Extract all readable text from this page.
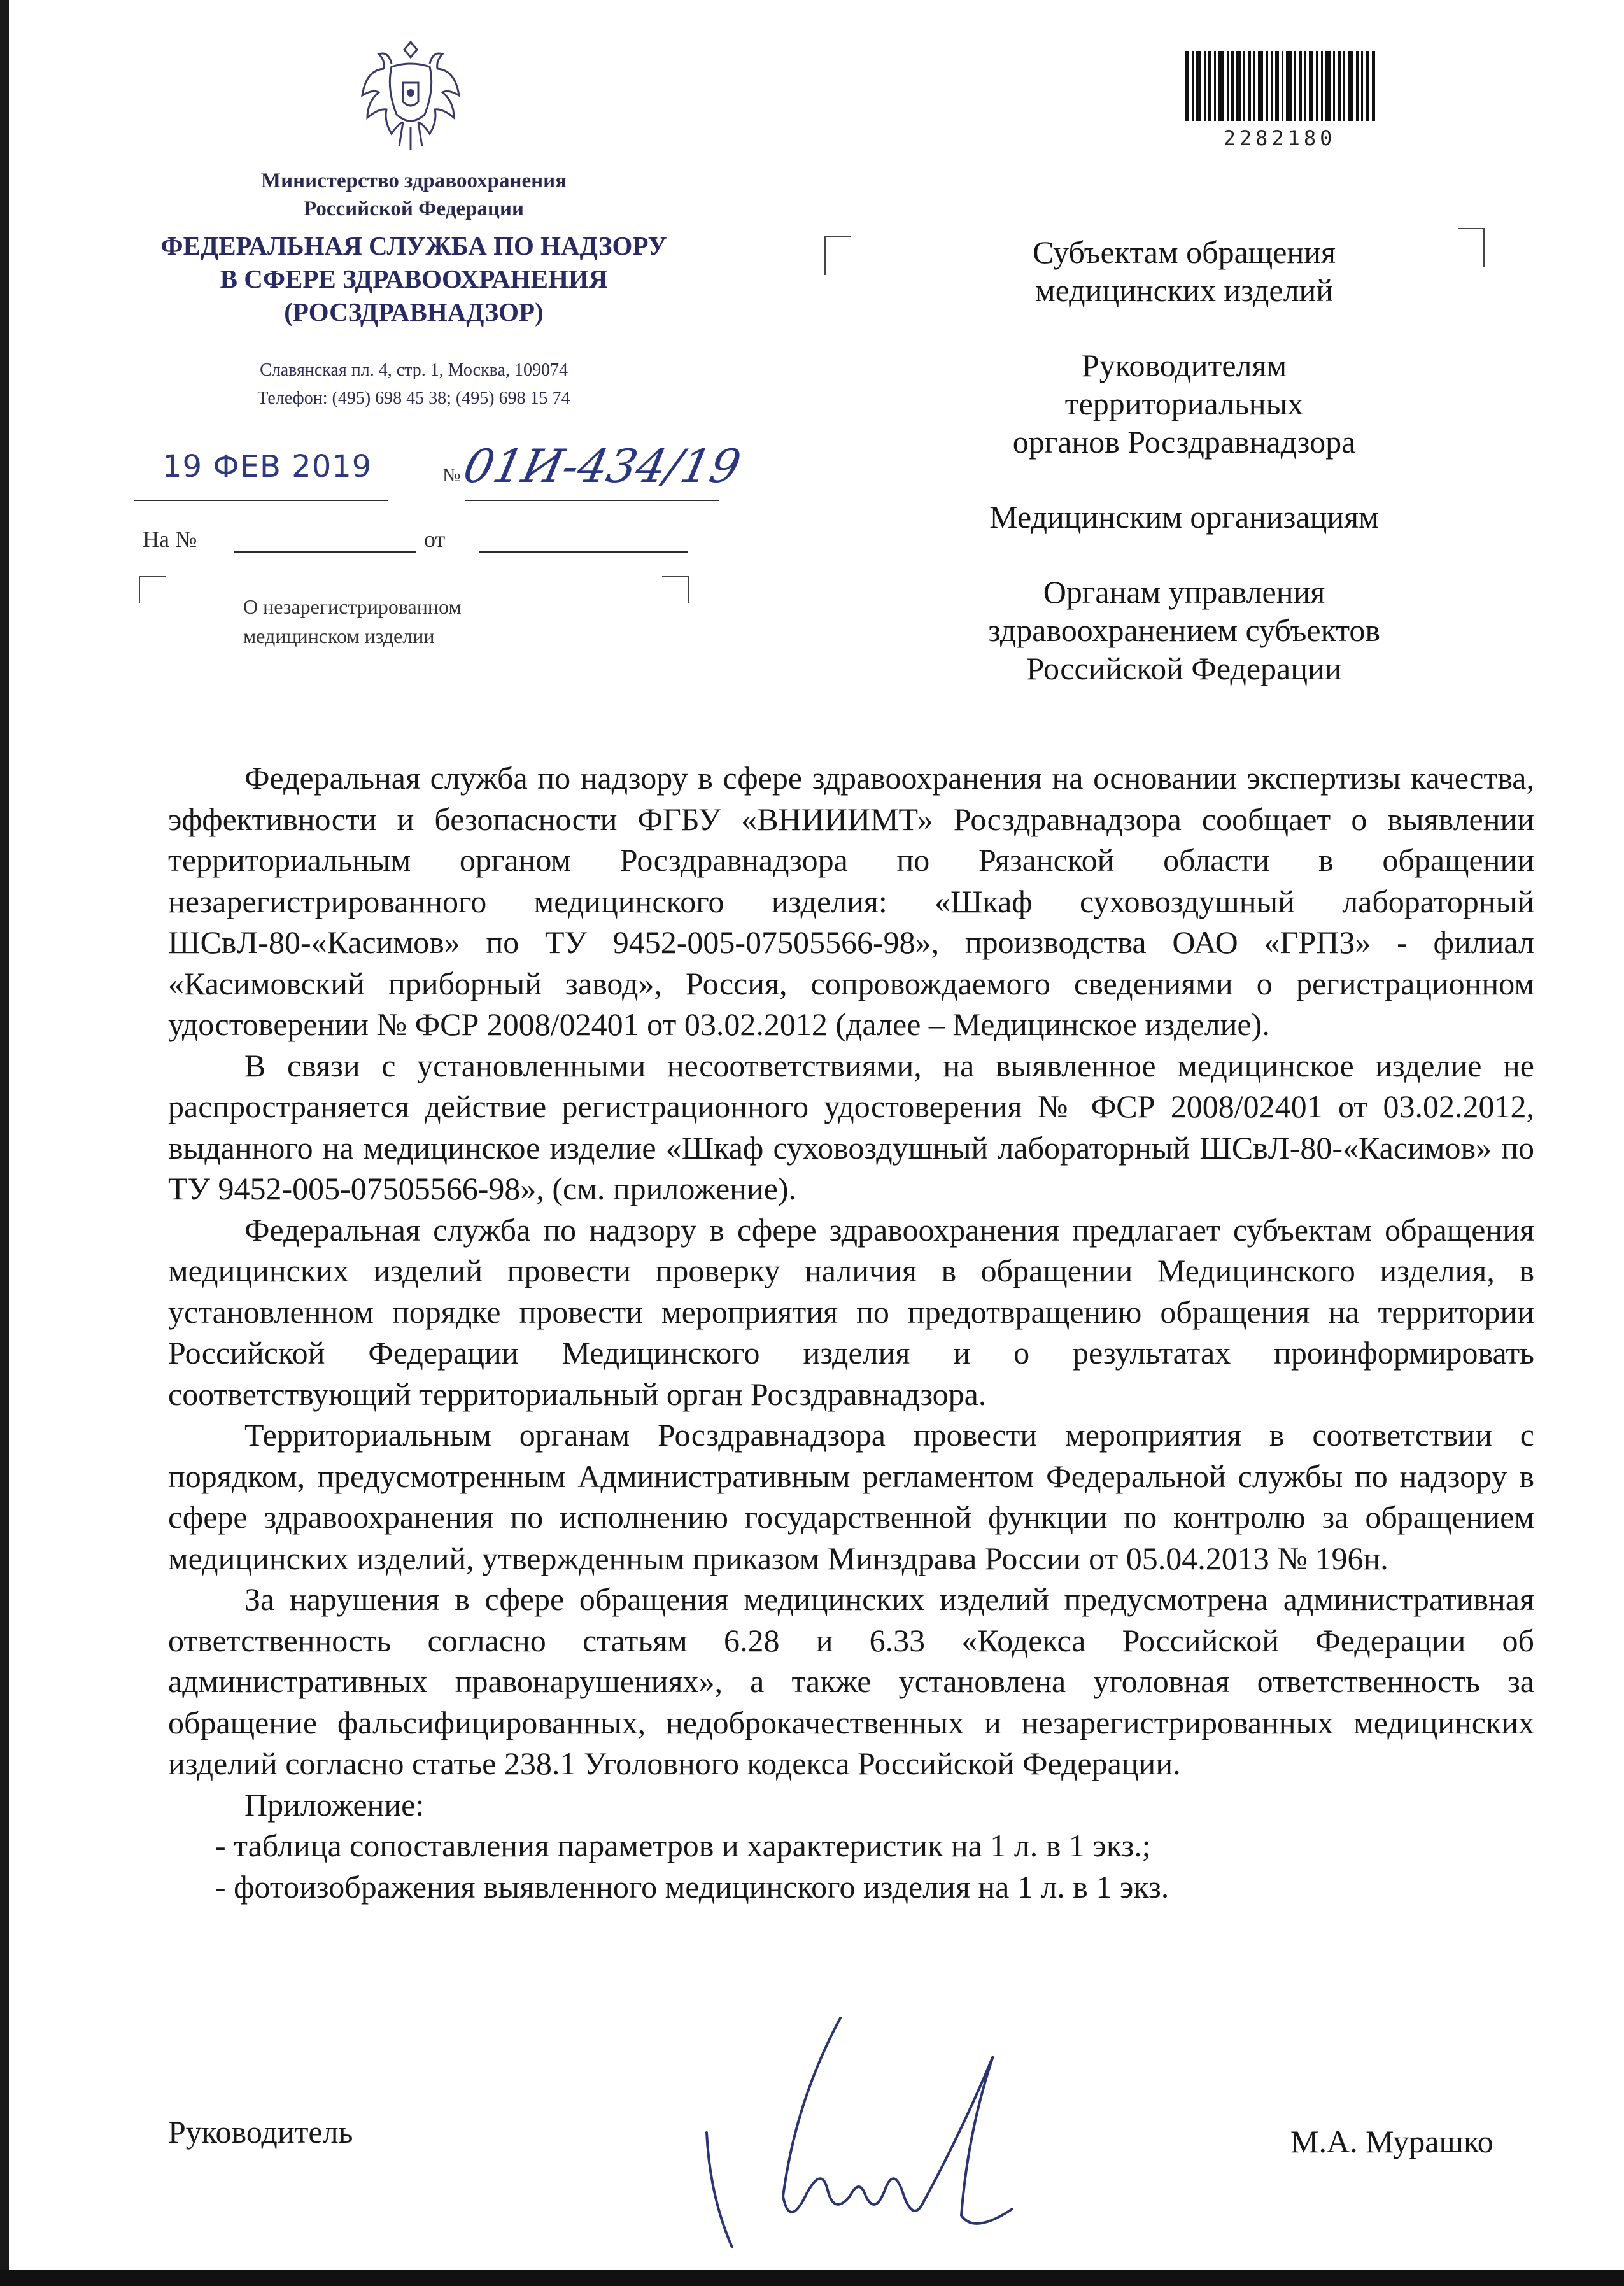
Министерство здравоохранения
Российской Федерации
ФЕДЕРАЛЬНАЯ СЛУЖБА ПО НАДЗОРУ
В СФЕРЕ ЗДРАВООХРАНЕНИЯ
(РОСЗДРАВНАДЗОР)
Славянская пл. 4, стр. 1, Москва, 109074
Телефон: (495) 698 45 38; (495) 698 15 74
19 ФЕВ 2019	№
01И-434/19
На №	от
О незарегистрированном
медицинском изделии
2282180
Субъектам обращения
медицинских изделий
Руководителям
территориальных
органов Росздравнадзора
Медицинским организациям
Органам управления
здравоохранением субъектов
Российской Федерации

Федеральная служба по надзору в сфере здравоохранения на основании экспертизы качества, эффективности и безопасности ФГБУ «ВНИИИМТ» Росздравнадзора сообщает о выявлении территориальным органом Росздравнадзора по Рязанской области в обращении незарегистрированного медицинского изделия: «Шкаф суховоздушный лабораторный ШСвЛ-80-«Касимов» по ТУ 9452-005-07505566-98», производства ОАО «ГРПЗ» - филиал «Касимовский приборный завод», Россия, сопровождаемого сведениями о регистрационном удостоверении № ФСР 2008/02401 от 03.02.2012 (далее – Медицинское изделие).

В связи с установленными несоответствиями, на выявленное медицинское изделие не распространяется действие регистрационного удостоверения № ФСР 2008/02401 от 03.02.2012, выданного на медицинское изделие «Шкаф суховоздушный лабораторный ШСвЛ-80-«Касимов» по ТУ 9452-005-07505566-98», (см. приложение).

Федеральная служба по надзору в сфере здравоохранения предлагает субъектам обращения медицинских изделий провести проверку наличия в обращении Медицинского изделия, в установленном порядке провести мероприятия по предотвращению обращения на территории Российской Федерации Медицинского изделия и о результатах проинформировать соответствующий территориальный орган Росздравнадзора.

Территориальным органам Росздравнадзора провести мероприятия в соответствии с порядком, предусмотренным Административным регламентом Федеральной службы по надзору в сфере здравоохранения по исполнению государственной функции по контролю за обращением медицинских изделий, утвержденным приказом Минздрава России от 05.04.2013 № 196н.

За нарушения в сфере обращения медицинских изделий предусмотрена административная ответственность согласно статьям 6.28 и 6.33 «Кодекса Российской Федерации об административных правонарушениях», а также установлена уголовная ответственность за обращение фальсифицированных, недоброкачественных и незарегистрированных медицинских изделий согласно статье 238.1 Уголовного кодекса Российской Федерации.

Приложение:
- таблица сопоставления параметров и характеристик на 1 л. в 1 экз.;
- фотоизображения выявленного медицинского изделия на 1 л. в 1 экз.
Руководитель	М.А. Мурашко
